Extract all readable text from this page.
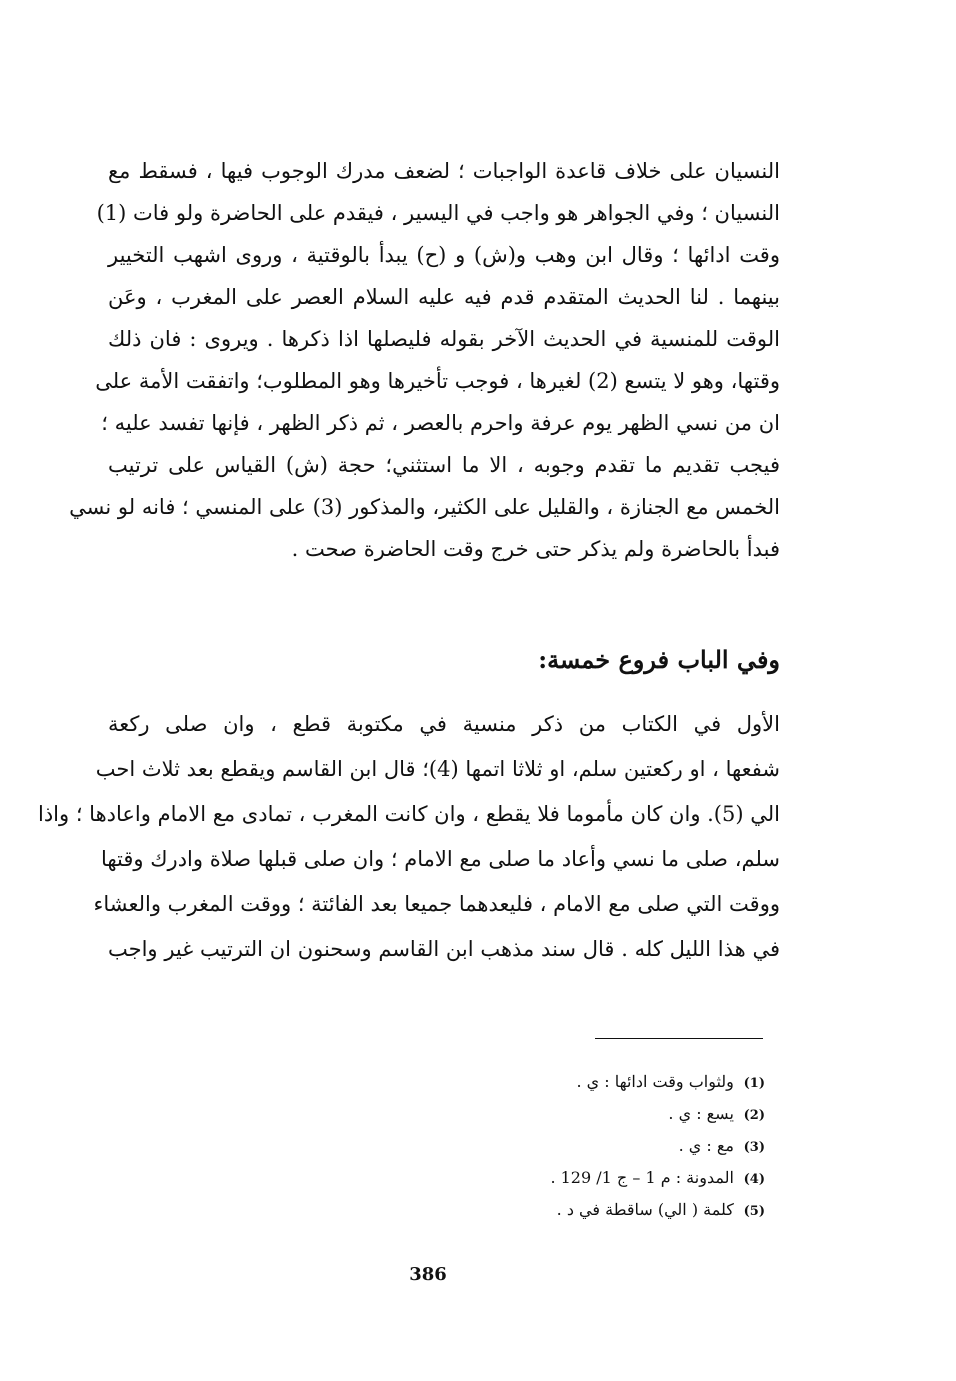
النسيان على خلاف قاعدة الواجبات ؛ لضعف مدرك الوجوب فيها ، فسقط مع
النسيان ؛ وفي الجواهر هو واجب في اليسير ، فيقدم على الحاضرة ولو فات (1)
وقت ادائها ؛ وقال ابن وهب و(ش) و (ح) يبدأ بالوقتية ، وروى اشهب التخيير
بينهما . لنا الحديث المتقدم قدم فيه عليه السلام العصر على المغرب ، وعَن
الوقت للمنسية في الحديث الآخر بقوله فليصلها اذا ذكرها . ويروى : فان ذلك
وقتها، وهو لا يتسع (2) لغيرها ، فوجب تأخيرها وهو المطلوب؛ واتفقت الأمة على
ان من نسي الظهر يوم عرفة واحرم بالعصر ، ثم ذكر الظهر ، فإنها تفسد عليه ؛
فيجب تقديم ما تقدم وجوبه ، الا ما استثني؛ حجة (ش) القياس على ترتيب
الخمس مع الجنازة ، والقليل على الكثير، والمذكور (3) على المنسي ؛ فانه لو نسي
فبدأ بالحاضرة ولم يذكر حتى خرج وقت الحاضرة صحت .
وفي الباب فروع خمسة:
الأول في الكتاب من ذكر منسية في مكتوبة قطع ، وان صلى ركعة
شفعها ، او ركعتين سلم، او ثلاثا اتمها (4)؛ قال ابن القاسم ويقطع بعد ثلاث احب
الي (5). وان كان مأموما فلا يقطع ، وان كانت المغرب ، تمادى مع الامام واعادها ؛ واذا
سلم، صلى ما نسي وأعاد ما صلى مع الامام ؛ وان صلى قبلها صلاة وادرك وقتها
ووقت التي صلى مع الامام ، فليعدهما جميعا بعد الفائتة ؛ ووقت المغرب والعشاء
في هذا الليل كله . قال سند مذهب ابن القاسم وسحنون ان الترتيب غير واجب
(1) ولثواب وقت ادائها : ي .
(2) يسع : ي .
(3) مع : ي .
(4) المدونة : م 1 – ج 1/ 129 .
(5) كلمة ( الي) ساقطة في د .
386
